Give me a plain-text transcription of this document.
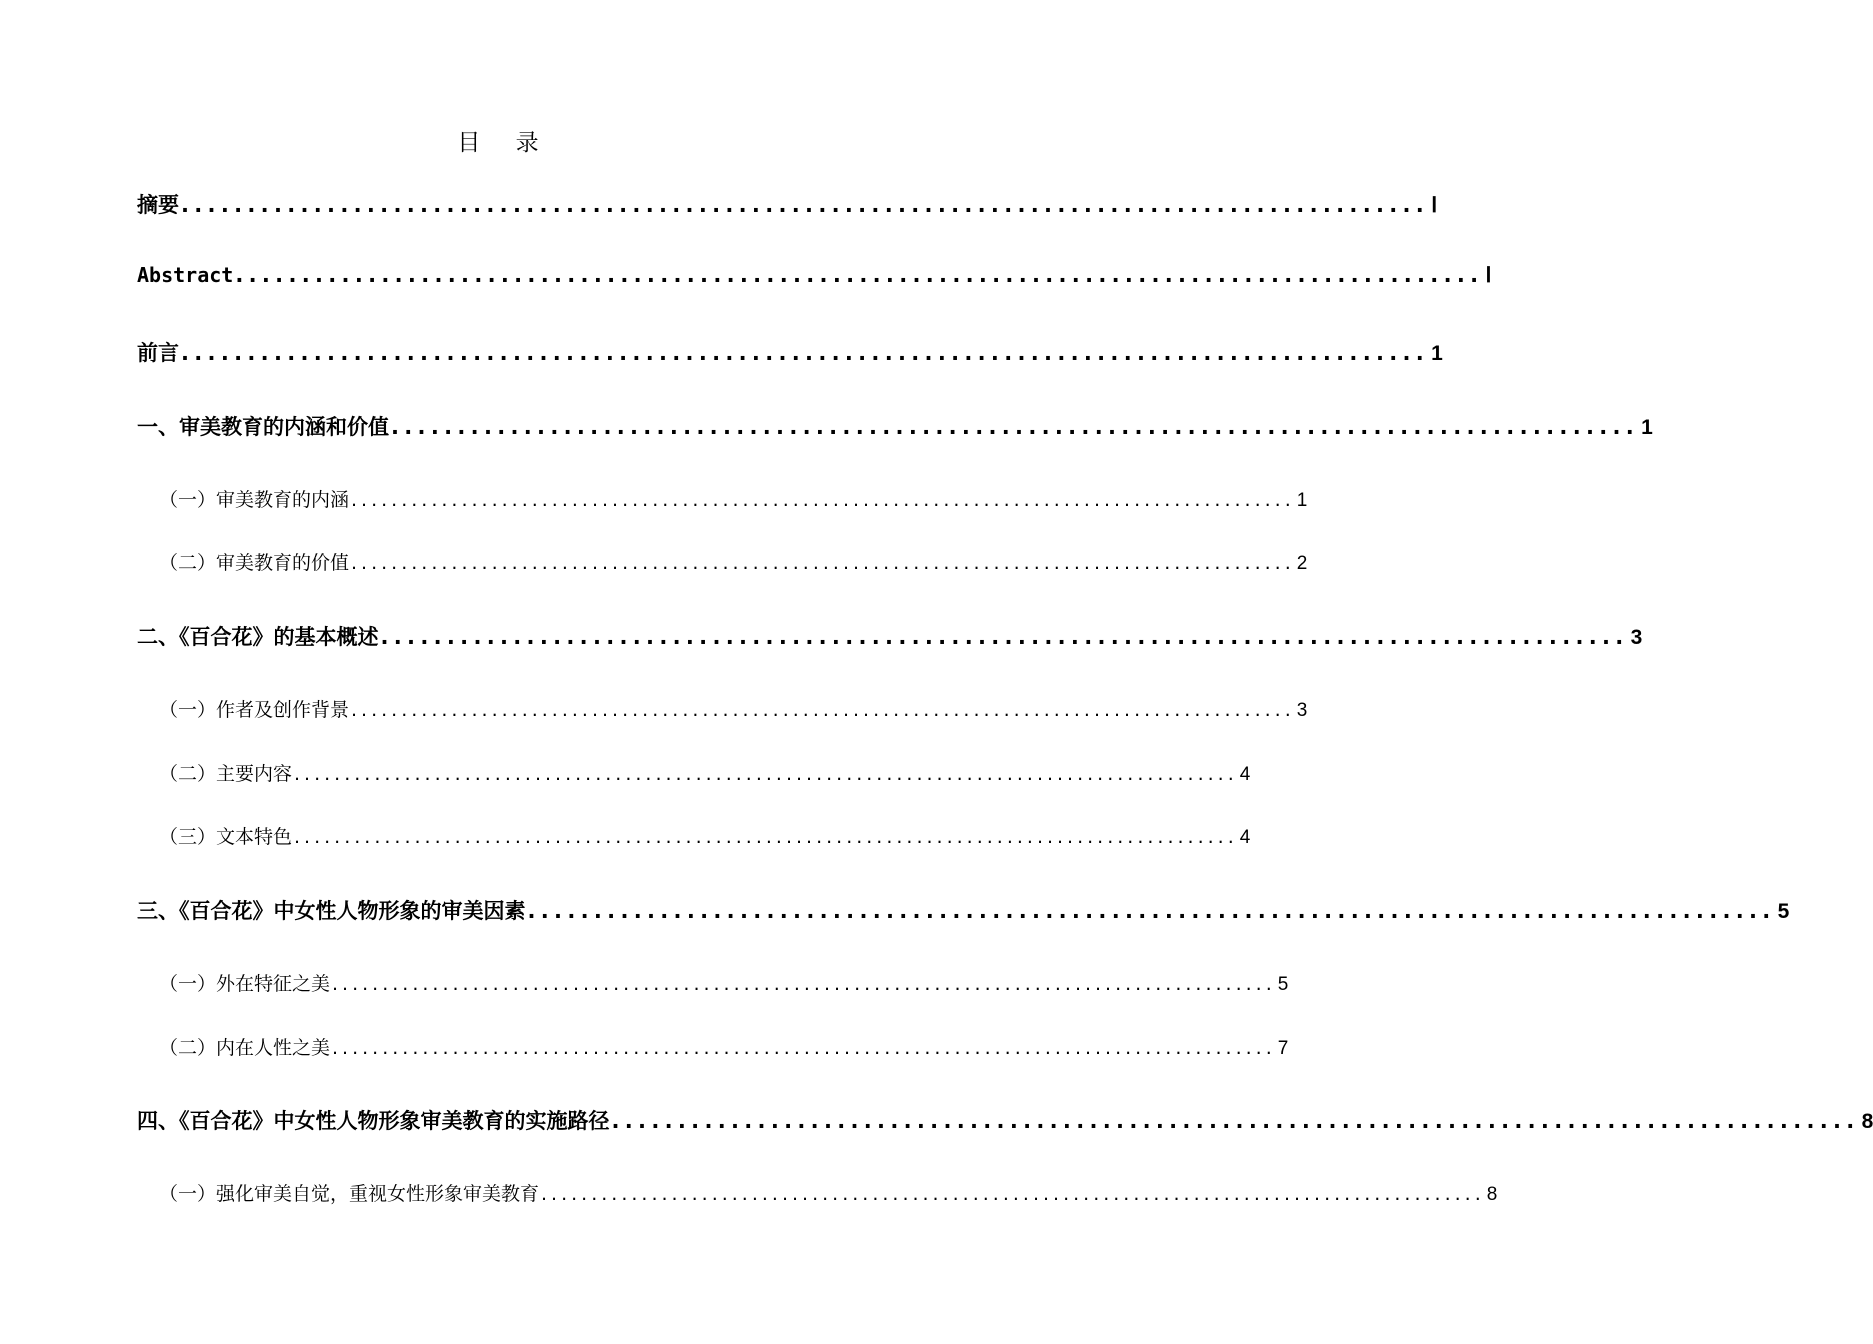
目 录
摘要 .............................................................................................. Ⅰ
Abstract .............................................................................................. Ⅰ
前言 .............................................................................................. 1
一、审美教育的内涵和价值 .............................................................................................. 1
（一）审美教育的内涵 .............................................................................................. 1
（二）审美教育的价值 .............................................................................................. 2
二、《百合花》的基本概述 .............................................................................................. 3
（一）作者及创作背景 .............................................................................................. 3
（二）主要内容 .............................................................................................. 4
（三）文本特色 .............................................................................................. 4
三、《百合花》中女性人物形象的审美因素 .............................................................................................. 5
（一）外在特征之美 .............................................................................................. 5
（二）内在人性之美 .............................................................................................. 7
四、《百合花》中女性人物形象审美教育的实施路径 .............................................................................................. 8
（一）强化审美自觉，重视女性形象审美教育 .............................................................................................. 8
